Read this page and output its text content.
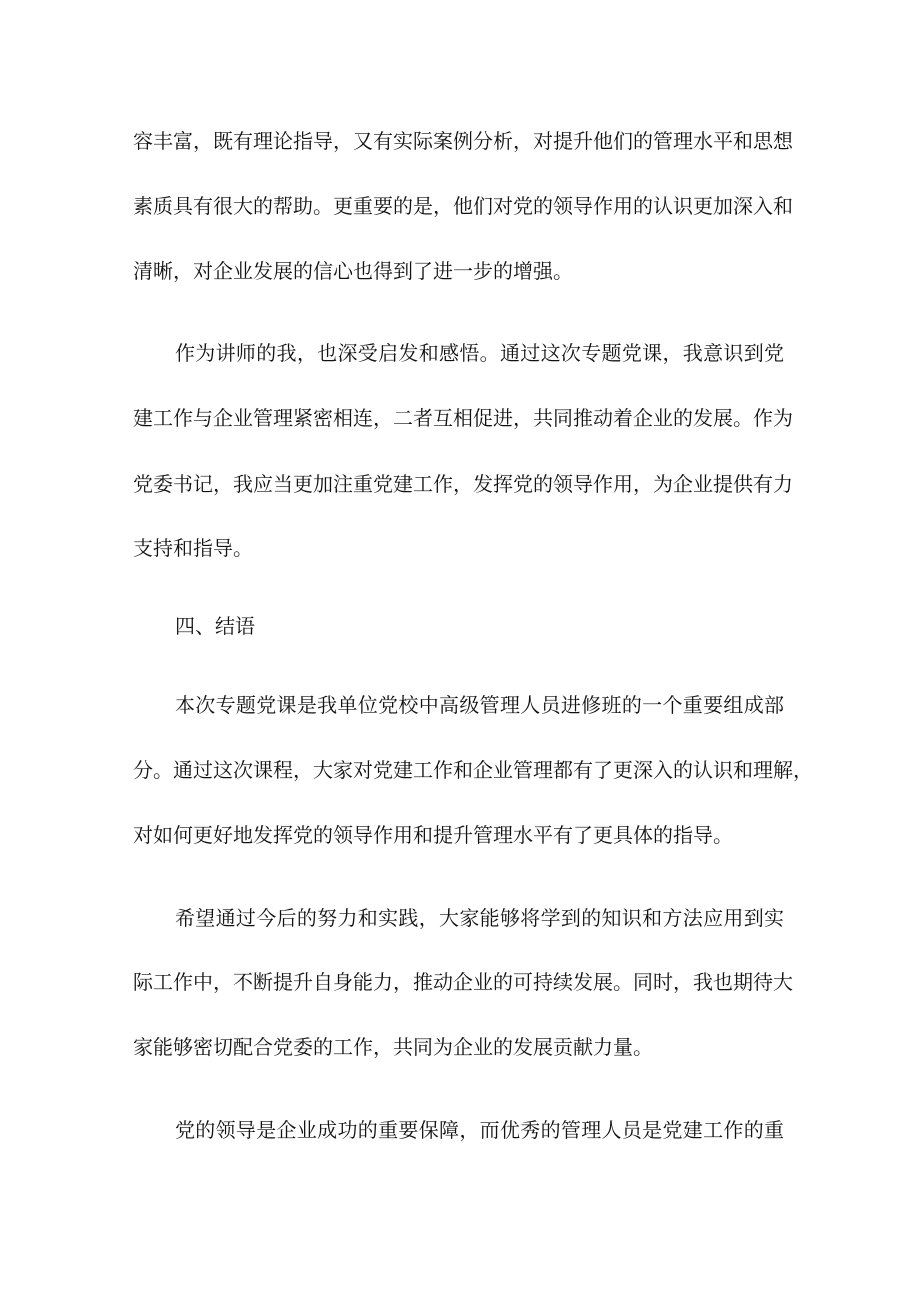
容丰富，既有理论指导，又有实际案例分析，对提升他们的管理水平和思想
素质具有很大的帮助。更重要的是，他们对党的领导作用的认识更加深入和
清晰，对企业发展的信心也得到了进一步的增强。
作为讲师的我，也深受启发和感悟。通过这次专题党课，我意识到党
建工作与企业管理紧密相连，二者互相促进，共同推动着企业的发展。作为
党委书记，我应当更加注重党建工作，发挥党的领导作用，为企业提供有力
支持和指导。
四、结语
本次专题党课是我单位党校中高级管理人员进修班的一个重要组成部
分。通过这次课程，大家对党建工作和企业管理都有了更深入的认识和理解，
对如何更好地发挥党的领导作用和提升管理水平有了更具体的指导。
希望通过今后的努力和实践，大家能够将学到的知识和方法应用到实
际工作中，不断提升自身能力，推动企业的可持续发展。同时，我也期待大
家能够密切配合党委的工作，共同为企业的发展贡献力量。
党的领导是企业成功的重要保障，而优秀的管理人员是党建工作的重
